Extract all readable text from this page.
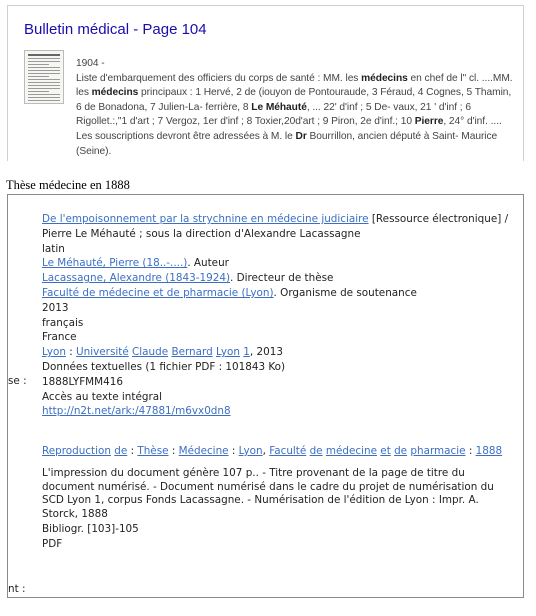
Bulletin médical - Page 104
1904 -
Liste d'embarquement des officiers du corps de santé : MM. les médecins en chef de l" cl. ....MM. les médecins principaux : 1 Hervé, 2 de (iouyon de Pontouraude, 3 Féraud, 4 Cognes, 5 Thamin, 6 de Bonadona, 7 Julien-La- ferrière, 8 Le Méhauté, ... 22' d'inf ; 5 De- vaux, 21 ' d'inf ; 6 Rigollet.:,"1 d'art ; 7 Vergoz, 1er d'inf ; 8 Toxier,20d'art ; 9 Piron, 2e d'inf.; 10 Pierre, 24° d'inf. .... Les souscriptions devront être adressées à M. le Dr Bourrillon, ancien député à Saint- Maurice (Seine).
Thèse médecine en 1888
De l'empoisonnement par la strychnine en médecine judiciaire [Ressource électronique] / Pierre Le Méhauté ; sous la direction d'Alexandre Lacassagne
latin
Le Méhauté, Pierre (18..-....). Auteur
Lacassagne, Alexandre (1843-1924). Directeur de thèse
Faculté de médecine et de pharmacie (Lyon). Organisme de soutenance
2013
français
France
Lyon : Université Claude Bernard Lyon 1, 2013
Données textuelles (1 fichier PDF : 101843 Ko)
1888LYFMM416
Accès au texte intégral
http://n2t.net/ark:/47881/m6vx0dn8
Reproduction de : Thèse : Médecine : Lyon, Faculté de médecine et de pharmacie : 1888
L'impression du document génère 107 p.. - Titre provenant de la page de titre du document numérisé. - Document numérisé dans le cadre du projet de numérisation du SCD Lyon 1, corpus Fonds Lacassagne. - Numérisation de l'édition de Lyon : Impr. A. Storck, 1888
Bibliogr. [103]-105
PDF
se :
nt :
